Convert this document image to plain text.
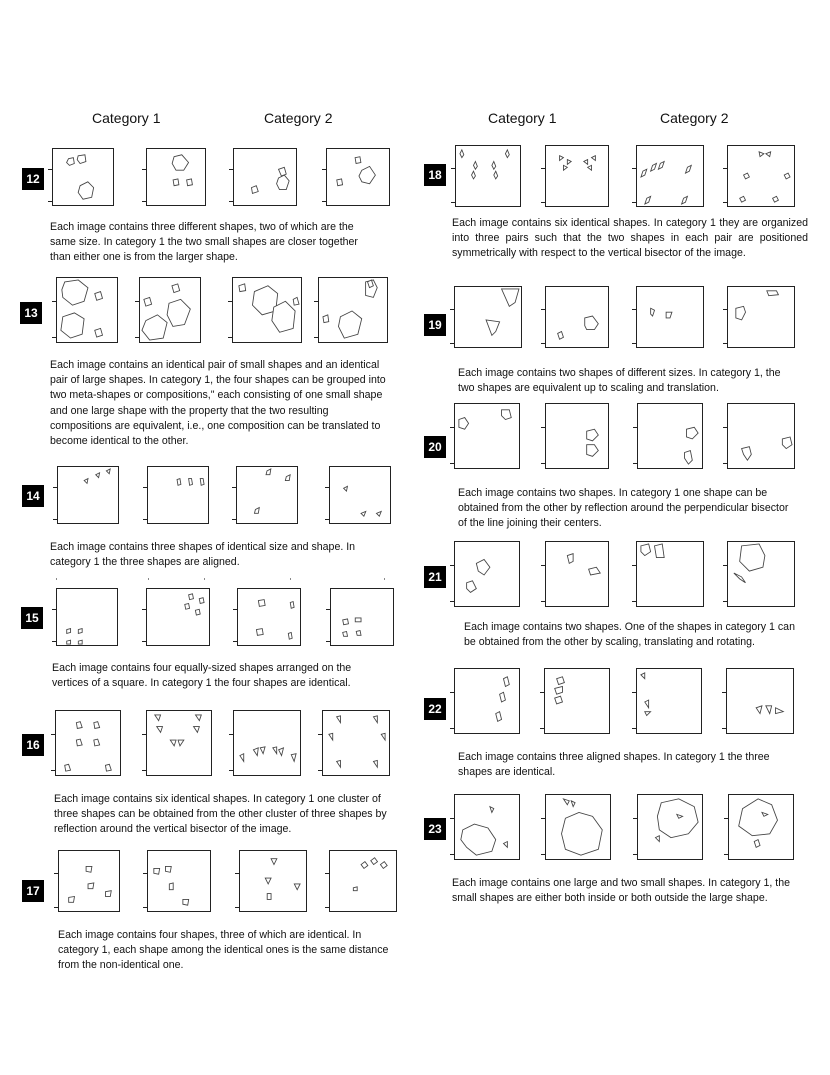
Category 1	Category 2	Category 1	Category 2
12
Each image contains three different shapes, two of which are the same size. In category 1 the two small shapes are closer together than either one is from the larger shape.
13
Each image contains an identical pair of small shapes and an identical pair of large shapes. In category 1, the four shapes can be grouped into two meta-shapes or compositions," each consisting of one small shape and one large shape with the property that the two resulting compositions are equivalent, i.e., one composition can be translated to become identical to the other.
14
Each image contains three shapes of identical size and shape. In category 1 the three shapes are aligned.
15
Each image contains four equally-sized shapes arranged on the vertices of a square. In category 1 the four shapes are identical.
16
Each image contains six identical shapes. In category 1 one cluster of three shapes can be obtained from the other cluster of three shapes by reflection around the vertical bisector of the image.
17
Each image contains four shapes, three of which are identical. In category 1, each shape among the identical ones is the same distance from the non-identical one.
18
Each image contains six identical shapes. In category 1 they are organized into three pairs such that the two shapes in each pair are positioned symmetrically with respect to the vertical bisector of the image.
19
Each image contains two shapes of different sizes. In category 1, the two shapes are equivalent up to scaling and translation.
20
Each image contains two shapes. In category 1 one shape can be obtained from the other by reflection around the perpendicular bisector of the line joining their centers.
21
Each image contains two shapes. One of the shapes in category 1 can be obtained from the other by scaling, translating and rotating.
22
Each image contains three aligned shapes. In category 1 the three shapes are identical.
23
Each image contains one large and two small shapes. In category 1, the small shapes are either both inside or both outside the large shape.
